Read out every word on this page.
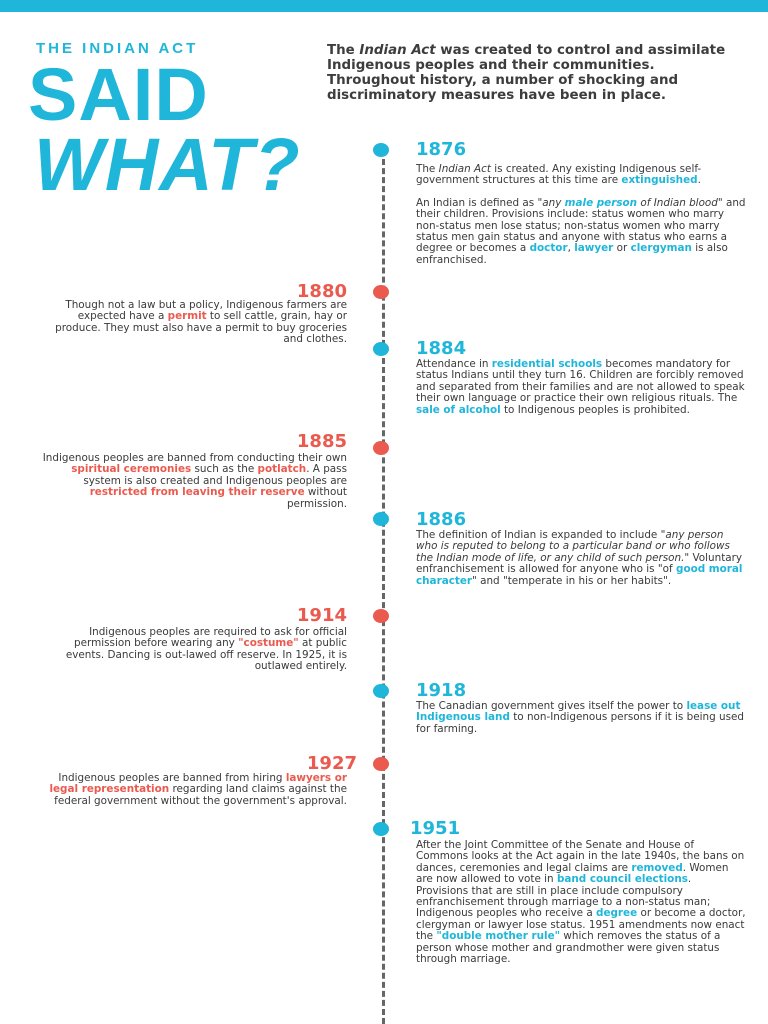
THE INDIAN ACT
SAID
WHAT?
The Indian Act was created to control and assimilate Indigenous peoples and their communities. Throughout history, a number of shocking and discriminatory measures have been in place.
1876
The Indian Act is created. Any existing Indigenous self-government structures at this time are extinguished.
An Indian is defined as "any male person of Indian blood" and their children. Provisions include: status women who marry non-status men lose status; non-status women who marry status men gain status and anyone with status who earns a degree or becomes a doctor, lawyer or clergyman is also enfranchised.
1880
Though not a law but a policy, Indigenous farmers are expected have a permit to sell cattle, grain, hay or produce. They must also have a permit to buy groceries and clothes.	1884
Attendance in residential schools becomes mandatory for status Indians until they turn 16. Children are forcibly removed and separated from their families and are not allowed to speak their own language or practice their own religious rituals. The sale of alcohol to Indigenous peoples is prohibited.
1885
Indigenous peoples are banned from conducting their own spiritual ceremonies such as the potlatch. A pass system is also created and Indigenous peoples are restricted from leaving their reserve without permission.
1886
The definition of Indian is expanded to include "any person who is reputed to belong to a particular band or who follows the Indian mode of life, or any child of such person." Voluntary enfranchisement is allowed for anyone who is "of good moral character" and "temperate in his or her habits".
1914
Indigenous peoples are required to ask for official permission before wearing any "costume" at public events. Dancing is out-lawed off reserve. In 1925, it is outlawed entirely.
1918
The Canadian government gives itself the power to lease out Indigenous land to non-Indigenous persons if it is being used for farming.
1927
Indigenous peoples are banned from hiring lawyers or legal representation regarding land claims against the federal government without the government's approval.
1951
After the Joint Committee of the Senate and House of Commons looks at the Act again in the late 1940s, the bans on dances, ceremonies and legal claims are removed. Women are now allowed to vote in band council elections. Provisions that are still in place include compulsory enfranchisement through marriage to a non-status man; Indigenous peoples who receive a degree or become a doctor, clergyman or lawyer lose status. 1951 amendments now enact the "double mother rule" which removes the status of a person whose mother and grandmother were given status through marriage.
